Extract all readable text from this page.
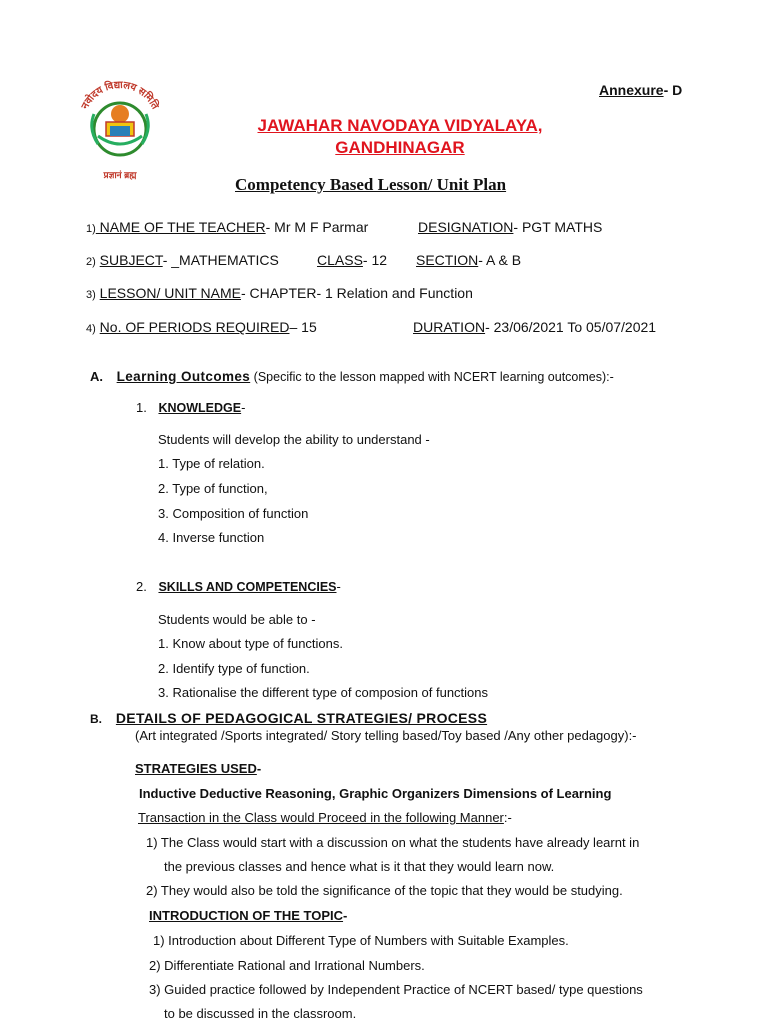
नवोदय विद्यालय समिति
प्रज्ञानं ब्रह्म
Annexure- D
JAWAHAR NAVODAYA VIDYALAYA,
GANDHINAGAR
Competency Based Lesson/ Unit Plan
1) NAME OF THE TEACHER- Mr M F Parmar	DESIGNATION- PGT MATHS
2) SUBJECT- _MATHEMATICS	CLASS- 12 SECTION- A & B
3) LESSON/ UNIT NAME- CHAPTER- 1 Relation and Function
4) No. OF PERIODS REQUIRED– 15	DURATION- 23/06/2021 To 05/07/2021
A. Learning Outcomes (Specific to the lesson mapped with NCERT learning outcomes):-
1. KNOWLEDGE-
Students will develop the ability to understand -
1. Type of relation.
2. Type of function,
3. Composition of function
4. Inverse function
2. SKILLS AND COMPETENCIES-
Students would be able to -
1. Know about type of functions.
2. Identify type of function.
3. Rationalise the different type of composion of functions
B. DETAILS OF PEDAGOGICAL STRATEGIES/ PROCESS
(Art integrated /Sports integrated/ Story telling based/Toy based /Any other pedagogy):-
STRATEGIES USED-
Inductive Deductive Reasoning, Graphic Organizers Dimensions of Learning
Transaction in the Class would Proceed in the following Manner:-
1) The Class would start with a discussion on what the students have already learnt in
the previous classes and hence what is it that they would learn now.
2) They would also be told the significance of the topic that they would be studying.
INTRODUCTION OF THE TOPIC-
1) Introduction about Different Type of Numbers with Suitable Examples.
2) Differentiate Rational and Irrational Numbers.
3) Guided practice followed by Independent Practice of NCERT based/ type questions
to be discussed in the classroom.
